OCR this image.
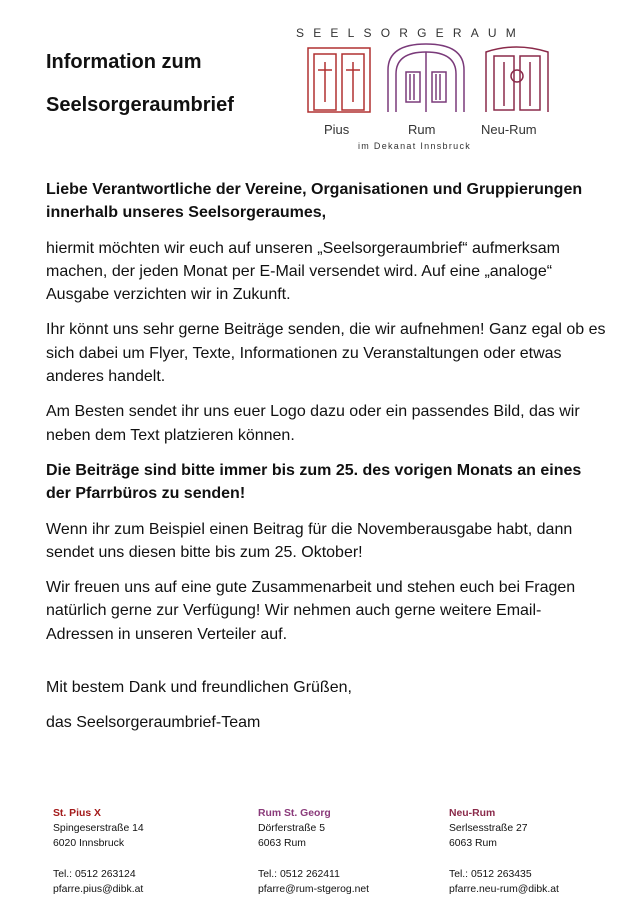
Information zum
Seelsorgeraumbrief
SEELSORGERAUM
Pius	Rum	Neu-Rum
im Dekanat Innsbruck

Liebe Verantwortliche der Vereine, Organisationen und Gruppierungen innerhalb unseres Seelsorgeraumes,

hiermit möchten wir euch auf unseren „Seelsorgeraumbrief“ aufmerksam machen, der jeden Monat per E-Mail versendet wird. Auf eine „analoge“ Ausgabe verzichten wir in Zukunft.

Ihr könnt uns sehr gerne Beiträge senden, die wir aufnehmen! Ganz egal ob es sich dabei um Flyer, Texte, Informationen zu Veranstaltungen oder etwas anderes handelt.

Am Besten sendet ihr uns euer Logo dazu oder ein passendes Bild, das wir neben dem Text platzieren können.

Die Beiträge sind bitte immer bis zum 25. des vorigen Monats an eines der Pfarrbüros zu senden!

Wenn ihr zum Beispiel einen Beitrag für die Novemberausgabe habt, dann sendet uns diesen bitte bis zum 25. Oktober!

Wir freuen uns auf eine gute Zusammenarbeit und stehen euch bei Fragen natürlich gerne zur Verfügung! Wir nehmen auch gerne weitere Email-Adressen in unseren Verteiler auf.

Mit bestem Dank und freundlichen Grüßen,

das Seelsorgeraumbrief-Team

St. Pius X
Spingeserstraße 14
6020 Innsbruck
Tel.: 0512 263124
pfarre.pius@dibk.at
Rum St. Georg
Dörferstraße 5
6063 Rum
Tel.: 0512 262411
pfarre@rum-stgerog.net
Neu-Rum
Serlsesstraße 27
6063 Rum
Tel.: 0512 263435
pfarre.neu-rum@dibk.at
